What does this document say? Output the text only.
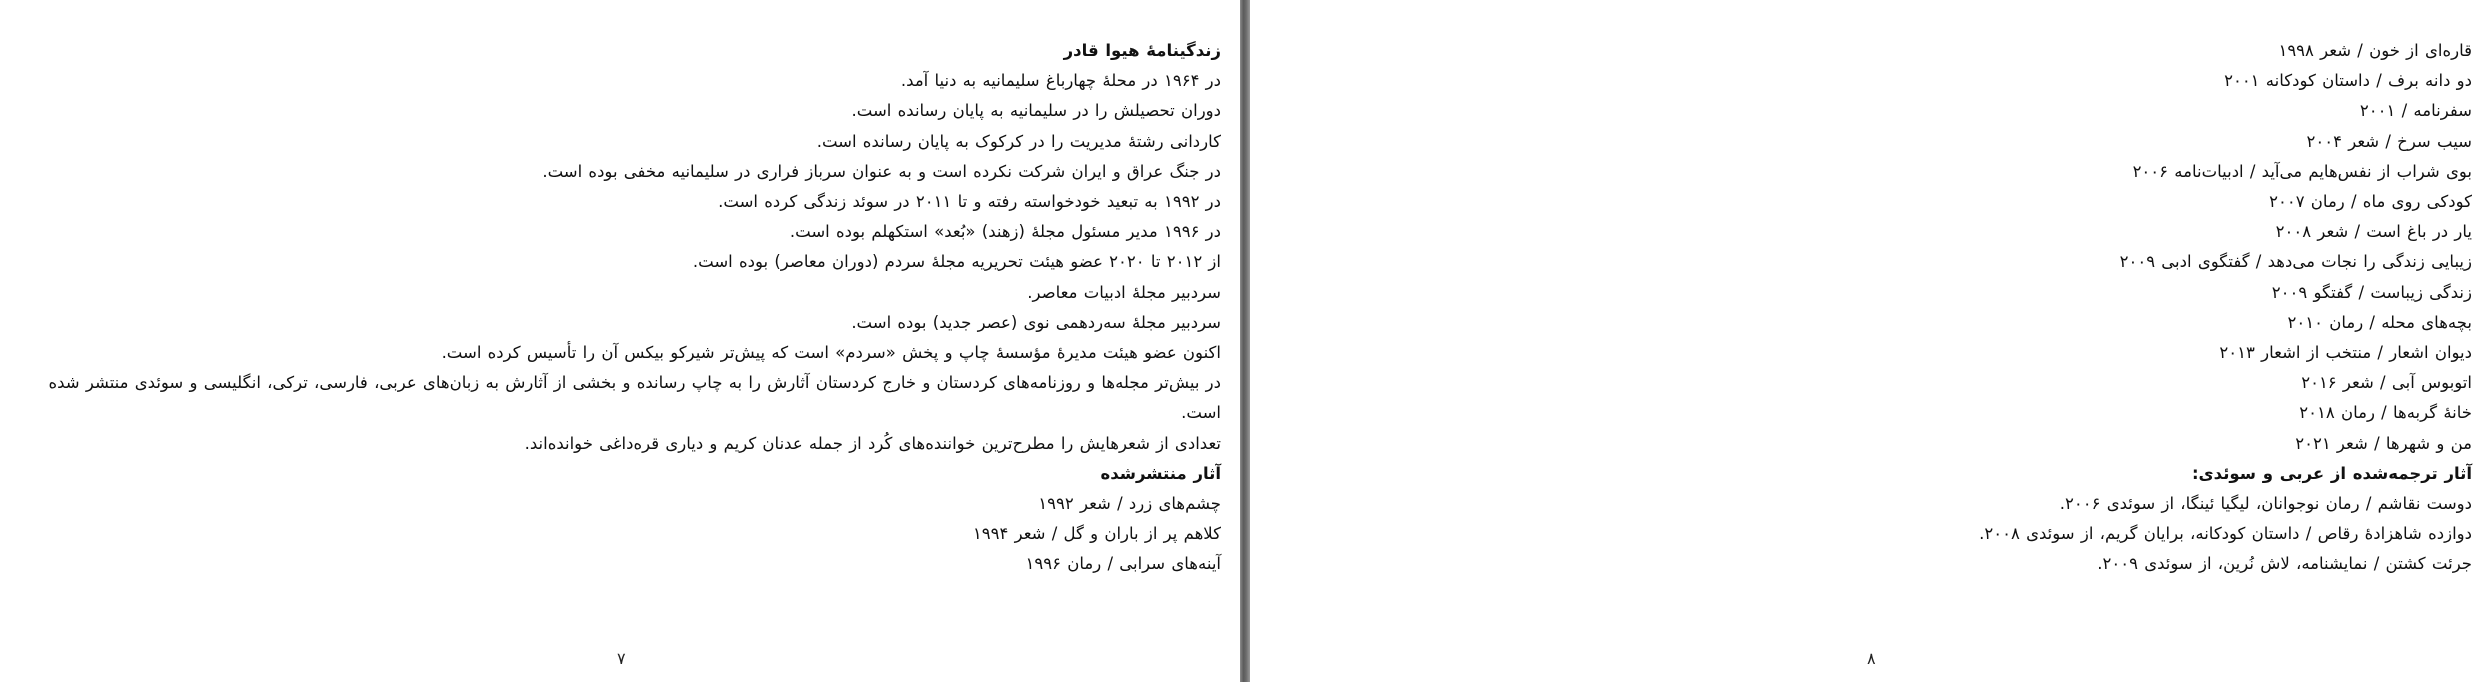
زندگینامهٔ هیوا قادر
در ۱۹۶۴ در محلهٔ چهارباغ سلیمانیه به دنیا آمد.
دوران تحصیلش را در سلیمانیه به پایان رسانده است.
کاردانی رشتهٔ مدیریت را در کرکوک به پایان رسانده است.
در جنگ عراق و ایران شرکت نکرده است و به عنوان سرباز فراری در سلیمانیه مخفی بوده است.
در ۱۹۹۲ به تبعید خودخواسته رفته و تا ۲۰۱۱ در سوئد زندگی کرده است.
در ۱۹۹۶ مدیر مسئول مجلهٔ (زهند) «بُعد» استکهلم بوده است.
از ۲۰۱۲ تا ۲۰۲۰ عضو هیئت تحریریه مجلهٔ سردم (دوران معاصر) بوده است.
سردبیر مجلهٔ ادبیات معاصر.
سردبیر مجلهٔ سه‌ردهمی نوی (عصر جدید) بوده است.
اکنون عضو هیئت مدیرهٔ مؤسسهٔ چاپ و پخش «سردم» است که پیش‌تر شیرکو بیکس آن را تأسیس کرده است.
در بیش‌تر مجله‌ها و روزنامه‌های کردستان و خارج کردستان آثارش را به چاپ رسانده و بخشی از آثارش به زبان‌های عربی، فارسی، ترکی، انگلیسی و سوئدی منتشر شده است.
تعدادی از شعرهایش را مطرح‌ترین خواننده‌های کُرد از جمله عدنان کریم و دیاری قره‌داغی خوانده‌اند.
آثار منتشرشده
چشم‌های زرد / شعر ۱۹۹۲
کلاهم پر از باران و گل / شعر ۱۹۹۴
آینه‌های سرابی / رمان ۱۹۹۶
۷
قاره‌ای از خون / شعر ۱۹۹۸
دو دانه برف / داستان کودکانه ۲۰۰۱
سفرنامه / ۲۰۰۱
سیب سرخ / شعر ۲۰۰۴
بوی شراب از نفس‌هایم می‌آید / ادبیات‌نامه ۲۰۰۶
کودکی روی ماه / رمان ۲۰۰۷
یار در باغ است / شعر ۲۰۰۸
زیبایی زندگی را نجات می‌دهد / گفتگوی ادبی ۲۰۰۹
زندگی زیباست / گفتگو ۲۰۰۹
بچه‌های محله / رمان ۲۰۱۰
دیوان اشعار / منتخب از اشعار ۲۰۱۳
اتوبوس آبی / شعر ۲۰۱۶
خانهٔ گربه‌ها / رمان ۲۰۱۸
من و شهرها / شعر ۲۰۲۱
آثار ترجمه‌شده از عربی و سوئدی:
دوست نقاشم / رمان نوجوانان، لیگیا ئینگا، از سوئدی ۲۰۰۶.
دوازده شاهزادهٔ رقاص / داستان کودکانه، برایان گریم، از سوئدی ۲۰۰۸.
جرئت کشتن / نمایشنامه، لاش نُرین، از سوئدی ۲۰۰۹.
۸
